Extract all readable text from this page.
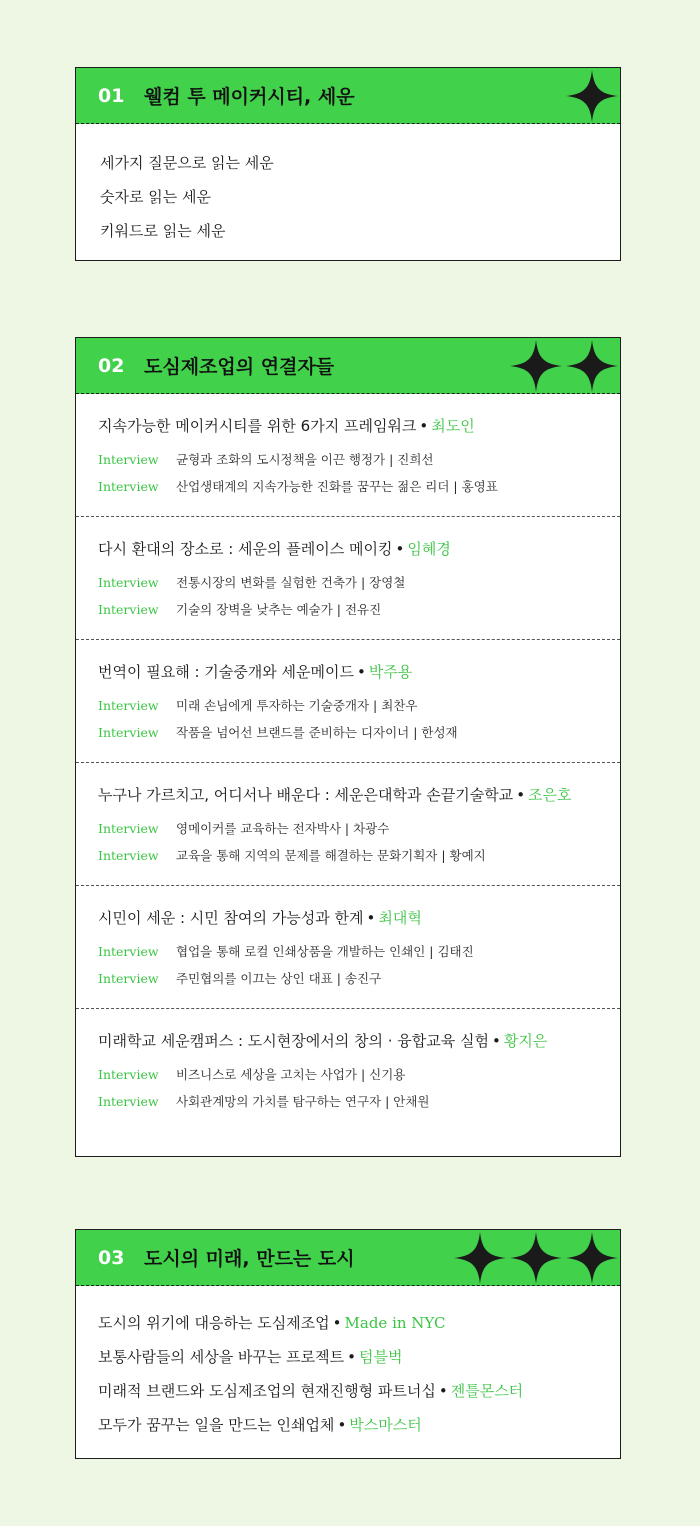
01	웰컴 투 메이커시티, 세운
세가지 질문으로 읽는 세운
숫자로 읽는 세운
키워드로 읽는 세운
02	도심제조업의 연결자들
지속가능한 메이커시티를 위한 6가지 프레임워크 • 최도인
Interview 균형과 조화의 도시정책을 이끈 행정가 | 진희선
Interview 산업생태계의 지속가능한 진화를 꿈꾸는 젊은 리더 | 홍영표
다시 환대의 장소로 : 세운의 플레이스 메이킹 • 임혜경
Interview 전통시장의 변화를 실험한 건축가 | 장영철
Interview 기술의 장벽을 낮추는 예술가 | 전유진
번역이 필요해 : 기술중개와 세운메이드 • 박주용
Interview 미래 손님에게 투자하는 기술중개자 | 최찬우
Interview 작품을 넘어선 브랜드를 준비하는 디자이너 | 한성재
누구나 가르치고, 어디서나 배운다 : 세운은대학과 손끝기술학교 • 조은호
Interview 영메이커를 교육하는 전자박사 | 차광수
Interview 교육을 통해 지역의 문제를 해결하는 문화기획자 | 황예지
시민이 세운 : 시민 참여의 가능성과 한계 • 최대혁
Interview 협업을 통해 로컬 인쇄상품을 개발하는 인쇄인 | 김태진
Interview 주민협의를 이끄는 상인 대표 | 송진구
미래학교 세운캠퍼스 : 도시현장에서의 창의 · 융합교육 실험 • 황지은
Interview 비즈니스로 세상을 고치는 사업가 | 신기용
Interview 사회관계망의 가치를 탐구하는 연구자 | 안채원
03	도시의 미래, 만드는 도시
도시의 위기에 대응하는 도심제조업 • Made in NYC
보통사람들의 세상을 바꾸는 프로젝트 • 텀블벅
미래적 브랜드와 도심제조업의 현재진행형 파트너십 • 젠틀몬스터
모두가 꿈꾸는 일을 만드는 인쇄업체 • 박스마스터
